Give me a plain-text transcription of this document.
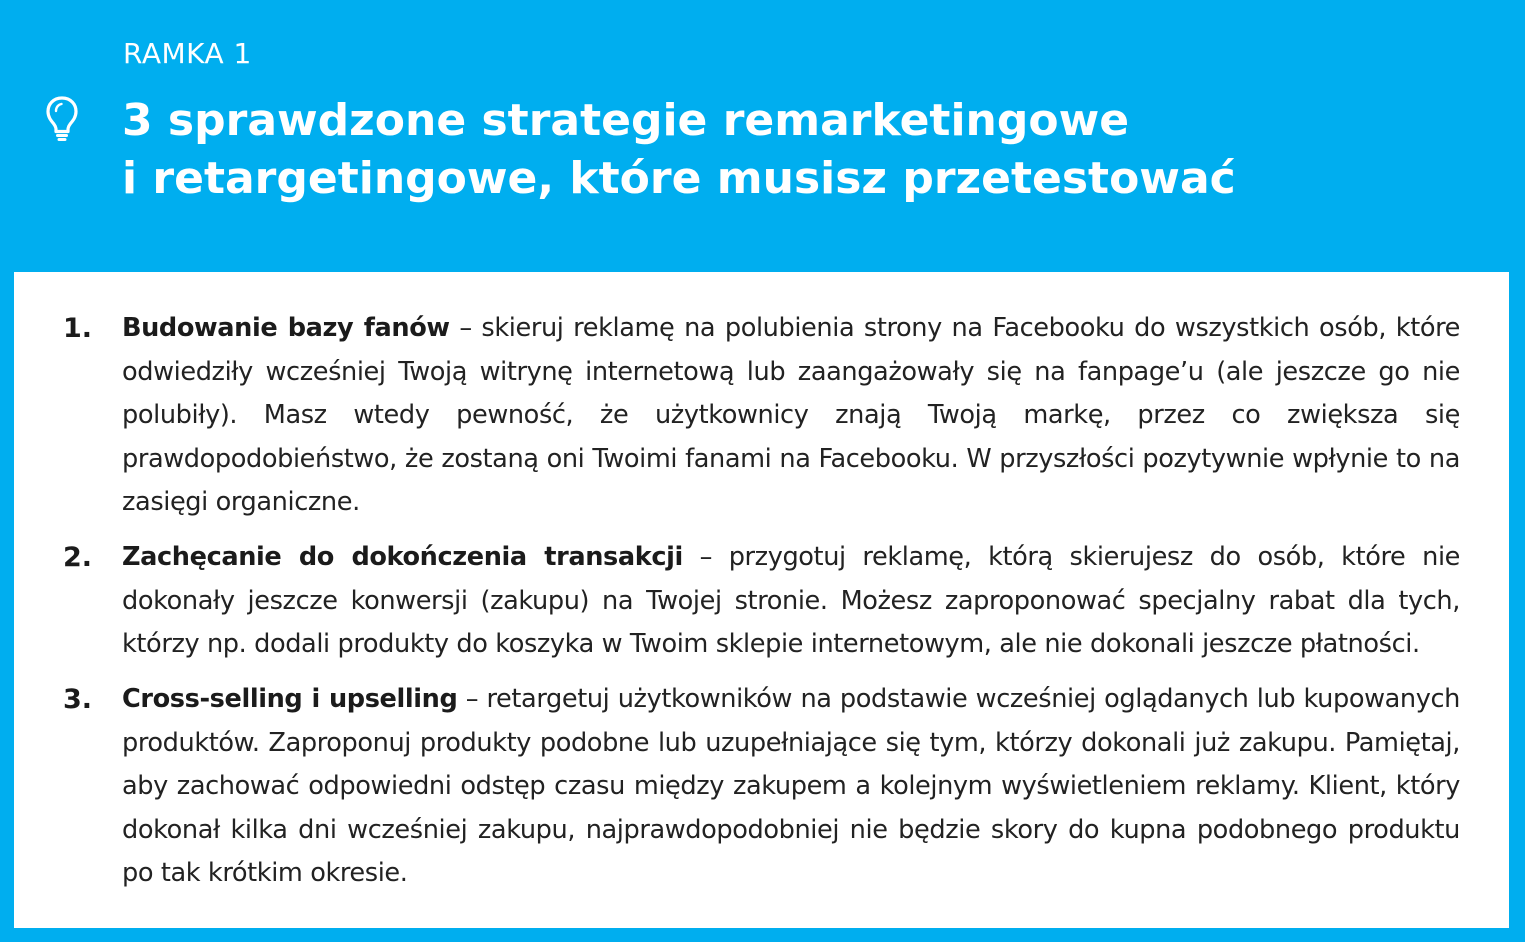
RAMKA 1
3 sprawdzone strategie remarketingowe
i retargetingowe, które musisz przetestować
1. Budowanie bazy fanów – skieruj reklamę na polubienia strony na Facebooku do wszystkich osób, które odwiedziły wcześniej Twoją witrynę internetową lub zaangażowały się na fanpage’u (ale jeszcze go nie polubiły). Masz wtedy pewność, że użytkownicy znają Twoją markę, przez co zwiększa się prawdopodobieństwo, że zostaną oni Twoimi fanami na Facebooku. W przyszłości pozytywnie wpłynie to na zasięgi organiczne.

2. Zachęcanie do dokończenia transakcji – przygotuj reklamę, którą skierujesz do osób, które nie dokonały jeszcze konwersji (zakupu) na Twojej stronie. Możesz zaproponować specjalny rabat dla tych, którzy np. dodali produkty do koszyka w Twoim sklepie internetowym, ale nie dokonali jeszcze płatności.

3. Cross-selling i upselling – retargetuj użytkowników na podstawie wcześniej oglądanych lub kupowanych produktów. Zaproponuj produkty podobne lub uzupełniające się tym, którzy dokonali już zakupu. Pamiętaj, aby zachować odpowiedni odstęp czasu między zakupem a kolejnym wyświetleniem reklamy. Klient, który dokonał kilka dni wcześniej zakupu, najprawdopodobniej nie będzie skory do kupna podobnego produktu po tak krótkim okresie.
